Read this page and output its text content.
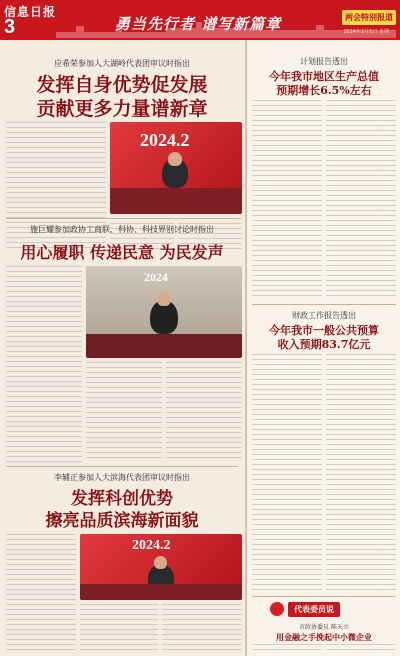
信息日报
3	勇当先行者 谱写新篇章	两会特别报道
2024年2月5日 星期一
应希荣参加人大湖岭代表团审议时指出
发挥自身优势促发展
贡献更多力量谱新章
2024.2
施巨耀参加政协工商联、科协、科技界别讨论时指出
用心履职 传递民意 为民发声
2024
李辅正参加人大滨海代表团审议时指出
发挥科创优势
擦亮品质滨海新面貌
2024.2
计划报告透出
今年我市地区生产总值
预期增长6.5%左右
财政工作报告透出
今年我市一般公共预算
收入预期83.7亿元
代表委员说
市政协委员 陈天立
用金融之手挽起中小微企业
